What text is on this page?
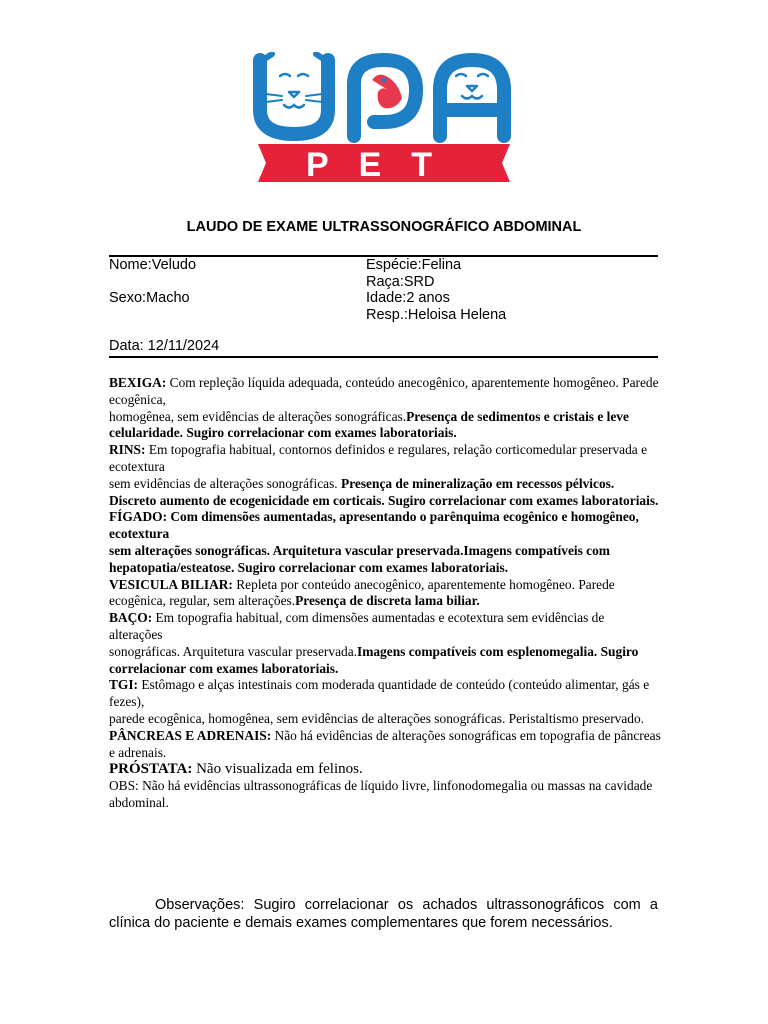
PET
LAUDO DE EXAME ULTRASSONOGRÁFICO ABDOMINAL
Nome:Veludo	Espécie:Felina
Raça:SRD
Sexo:Macho	Idade:2 anos
Resp.:Heloisa Helena
Data: 12/11/2024

BEXIGA: Com repleção líquida adequada, conteúdo anecogênico, aparentemente homogêneo. Parede ecogênica,

homogênea, sem evidências de alterações sonográficas.Presença de sedimentos e cristais e leve celularidade. Sugiro correlacionar com exames laboratoriais.

RINS: Em topografia habitual, contornos definidos e regulares, relação corticomedular preservada e ecotextura

sem evidências de alterações sonográficas. Presença de mineralização em recessos pélvicos. Discreto aumento de ecogenicidade em corticais. Sugiro correlacionar com exames laboratoriais.

FÍGADO: Com dimensões aumentadas, apresentando o parênquima ecogênico e homogêneo, ecotextura

sem alterações sonográficas. Arquitetura vascular preservada.Imagens compatíveis com hepatopatia/esteatose. Sugiro correlacionar com exames laboratoriais.

VESICULA BILIAR: Repleta por conteúdo anecogênico, aparentemente homogêneo. Parede ecogênica, regular, sem alterações.Presença de discreta lama biliar.

BAÇO: Em topografia habitual, com dimensões aumentadas e ecotextura sem evidências de alterações

sonográficas. Arquitetura vascular preservada.Imagens compatíveis com esplenomegalia. Sugiro correlacionar com exames laboratoriais.

TGI: Estômago e alças intestinais com moderada quantidade de conteúdo (conteúdo alimentar, gás e fezes),

parede ecogênica, homogênea, sem evidências de alterações sonográficas. Peristaltismo preservado.

PÂNCREAS E ADRENAIS: Não há evidências de alterações sonográficas em topografia de pâncreas e adrenais.

PRÓSTATA: Não visualizada em felinos.

OBS: Não há evidências ultrassonográficas de líquido livre, linfonodomegalia ou massas na cavidade abdominal.

Observações: Sugiro correlacionar os achados ultrassonográficos com a clínica do paciente e demais exames complementares que forem necessários.
